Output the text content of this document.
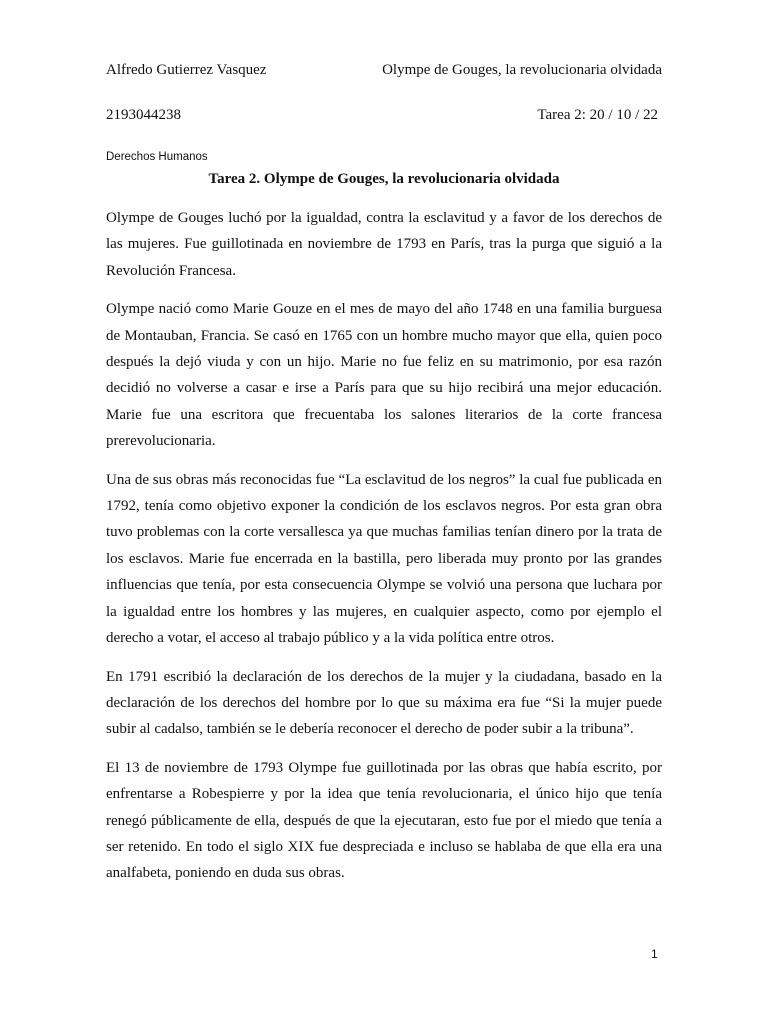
Alfredo Gutierrez Vasquez	Olympe de Gouges, la revolucionaria olvidada
2193044238	Tarea 2: 20 / 10 / 22
Derechos Humanos
Tarea 2. Olympe de Gouges, la revolucionaria olvidada

Olympe de Gouges luchó por la igualdad, contra la esclavitud y a favor de los derechos de las mujeres. Fue guillotinada en noviembre de 1793 en París, tras la purga que siguió a la Revolución Francesa.

Olympe nació como Marie Gouze en el mes de mayo del año 1748 en una familia burguesa de Montauban, Francia. Se casó en 1765 con un hombre mucho mayor que ella, quien poco después la dejó viuda y con un hijo. Marie no fue feliz en su matrimonio, por esa razón decidió no volverse a casar e irse a París para que su hijo recibirá una mejor educación. Marie fue una escritora que frecuentaba los salones literarios de la corte francesa prerevolucionaria.

Una de sus obras más reconocidas fue “La esclavitud de los negros” la cual fue publicada en 1792, tenía como objetivo exponer la condición de los esclavos negros. Por esta gran obra tuvo problemas con la corte versallesca ya que muchas familias tenían dinero por la trata de los esclavos. Marie fue encerrada en la bastilla, pero liberada muy pronto por las grandes influencias que tenía, por esta consecuencia Olympe se volvió una persona que luchara por la igualdad entre los hombres y las mujeres, en cualquier aspecto, como por ejemplo el derecho a votar, el acceso al trabajo público y a la vida política entre otros.

En 1791 escribió la declaración de los derechos de la mujer y la ciudadana, basado en la declaración de los derechos del hombre por lo que su máxima era fue “Si la mujer puede subir al cadalso, también se le debería reconocer el derecho de poder subir a la tribuna”.

El 13 de noviembre de 1793 Olympe fue guillotinada por las obras que había escrito, por enfrentarse a Robespierre y por la idea que tenía revolucionaria, el único hijo que tenía renegó públicamente de ella, después de que la ejecutaran, esto fue por el miedo que tenía a ser retenido. En todo el siglo XIX fue despreciada e incluso se hablaba de que ella era una analfabeta, poniendo en duda sus obras.

1
